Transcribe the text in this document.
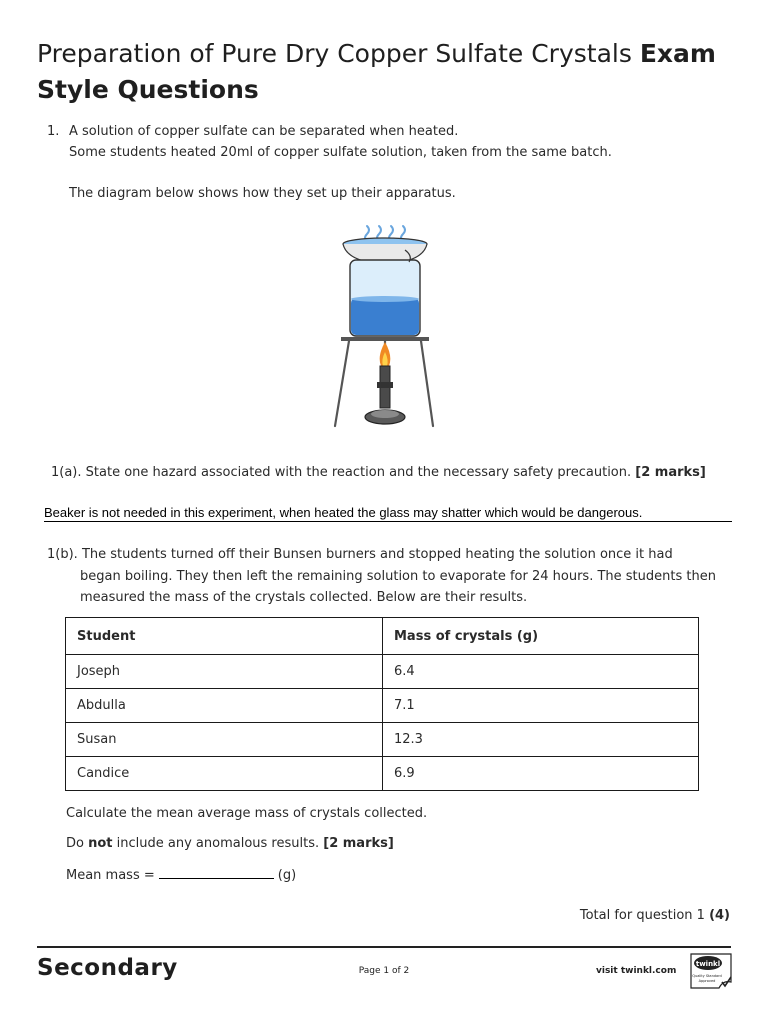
Preparation of Pure Dry Copper Sulfate Crystals Exam
Style Questions
1. A solution of copper sulfate can be separated when heated.
Some students heated 20ml of copper sulfate solution, taken from the same batch.
The diagram below shows how they set up their apparatus.
1(a). State one hazard associated with the reaction and the necessary safety precaution. [2 marks]
Beaker is not needed in this experiment, when heated the glass may shatter which would be dangerous.
1(b). The students turned off their Bunsen burners and stopped heating the solution once it had
began boiling. They then left the remaining solution to evaporate for 24 hours. The students then
measured the mass of the crystals collected. Below are their results.
Student	Mass of crystals (g)
Joseph	6.4
Abdulla	7.1
Susan	12.3
Candice	6.9
Calculate the mean average mass of crystals collected.
Do not include any anomalous results. [2 marks]
Mean mass =	(g)
Total for question 1 (4)
Secondary	Page 1 of 2	visit twinkl.com
twinkl
Quality Standard
Approved
